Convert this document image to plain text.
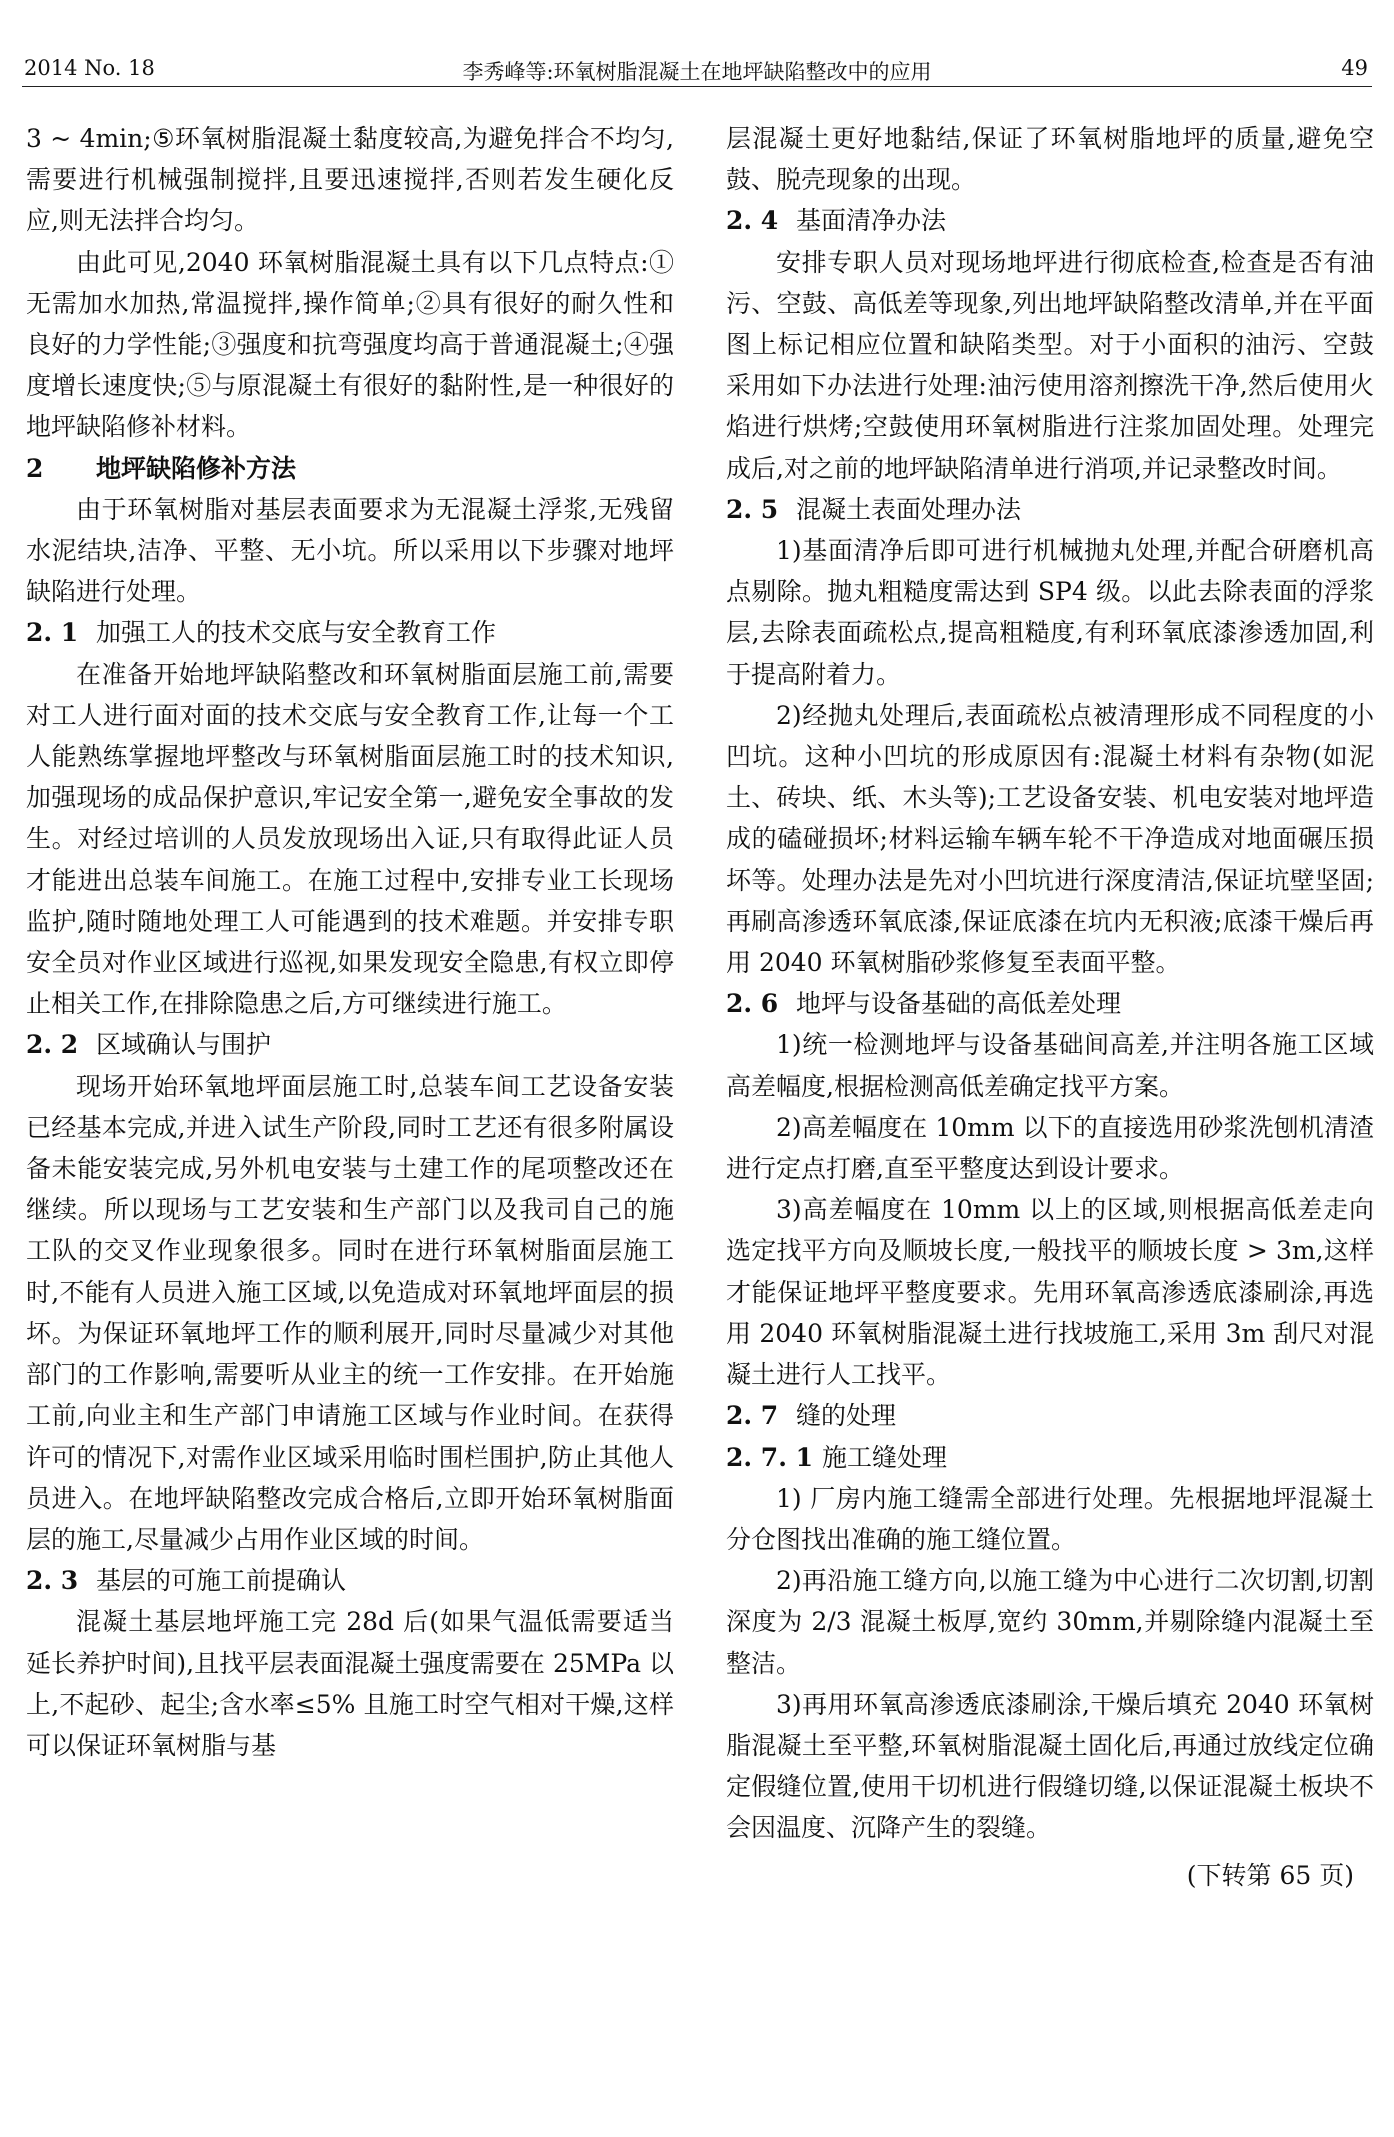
2014 No. 18	李秀峰等:环氧树脂混凝土在地坪缺陷整改中的应用	49

3 ~ 4min;⑤环氧树脂混凝土黏度较高,为避免拌合不均匀,需要进行机械强制搅拌,且要迅速搅拌,否则若发生硬化反应,则无法拌合均匀。

由此可见,2040 环氧树脂混凝土具有以下几点特点:①无需加水加热,常温搅拌,操作简单;②具有很好的耐久性和良好的力学性能;③强度和抗弯强度均高于普通混凝土;④强度增长速度快;⑤与原混凝土有很好的黏附性,是一种很好的地坪缺陷修补材料。

2 地坪缺陷修补方法

由于环氧树脂对基层表面要求为无混凝土浮浆,无残留水泥结块,洁净、平整、无小坑。所以采用以下步骤对地坪缺陷进行处理。

2. 1 加强工人的技术交底与安全教育工作

在准备开始地坪缺陷整改和环氧树脂面层施工前,需要对工人进行面对面的技术交底与安全教育工作,让每一个工人能熟练掌握地坪整改与环氧树脂面层施工时的技术知识,加强现场的成品保护意识,牢记安全第一,避免安全事故的发生。对经过培训的人员发放现场出入证,只有取得此证人员才能进出总装车间施工。在施工过程中,安排专业工长现场监护,随时随地处理工人可能遇到的技术难题。并安排专职安全员对作业区域进行巡视,如果发现安全隐患,有权立即停止相关工作,在排除隐患之后,方可继续进行施工。

2. 2 区域确认与围护

现场开始环氧地坪面层施工时,总装车间工艺设备安装已经基本完成,并进入试生产阶段,同时工艺还有很多附属设备未能安装完成,另外机电安装与土建工作的尾项整改还在继续。所以现场与工艺安装和生产部门以及我司自己的施工队的交叉作业现象很多。同时在进行环氧树脂面层施工时,不能有人员进入施工区域,以免造成对环氧地坪面层的损坏。为保证环氧地坪工作的顺利展开,同时尽量减少对其他部门的工作影响,需要听从业主的统一工作安排。在开始施工前,向业主和生产部门申请施工区域与作业时间。在获得许可的情况下,对需作业区域采用临时围栏围护,防止其他人员进入。在地坪缺陷整改完成合格后,立即开始环氧树脂面层的施工,尽量减少占用作业区域的时间。

2. 3 基层的可施工前提确认

混凝土基层地坪施工完 28d 后(如果气温低需要适当延长养护时间),且找平层表面混凝土强度需要在 25MPa 以上,不起砂、起尘;含水率≤5% 且施工时空气相对干燥,这样可以保证环氧树脂与基

层混凝土更好地黏结,保证了环氧树脂地坪的质量,避免空鼓、脱壳现象的出现。

2. 4 基面清净办法

安排专职人员对现场地坪进行彻底检查,检查是否有油污、空鼓、高低差等现象,列出地坪缺陷整改清单,并在平面图上标记相应位置和缺陷类型。对于小面积的油污、空鼓采用如下办法进行处理:油污使用溶剂擦洗干净,然后使用火焰进行烘烤;空鼓使用环氧树脂进行注浆加固处理。处理完成后,对之前的地坪缺陷清单进行消项,并记录整改时间。

2. 5 混凝土表面处理办法

1)基面清净后即可进行机械抛丸处理,并配合研磨机高点剔除。抛丸粗糙度需达到 SP4 级。以此去除表面的浮浆层,去除表面疏松点,提高粗糙度,有利环氧底漆渗透加固,利于提高附着力。

2)经抛丸处理后,表面疏松点被清理形成不同程度的小凹坑。这种小凹坑的形成原因有:混凝土材料有杂物(如泥土、砖块、纸、木头等);工艺设备安装、机电安装对地坪造成的磕碰损坏;材料运输车辆车轮不干净造成对地面碾压损坏等。处理办法是先对小凹坑进行深度清洁,保证坑壁坚固;再刷高渗透环氧底漆,保证底漆在坑内无积液;底漆干燥后再用 2040 环氧树脂砂浆修复至表面平整。

2. 6 地坪与设备基础的高低差处理

1)统一检测地坪与设备基础间高差,并注明各施工区域高差幅度,根据检测高低差确定找平方案。

2)高差幅度在 10mm 以下的直接选用砂浆洗刨机清渣进行定点打磨,直至平整度达到设计要求。

3)高差幅度在 10mm 以上的区域,则根据高低差走向选定找平方向及顺坡长度,一般找平的顺坡长度 > 3m,这样才能保证地坪平整度要求。先用环氧高渗透底漆刷涂,再选用 2040 环氧树脂混凝土进行找坡施工,采用 3m 刮尺对混凝土进行人工找平。

2. 7 缝的处理
2. 7. 1 施工缝处理

1) 厂房内施工缝需全部进行处理。先根据地坪混凝土分仓图找出准确的施工缝位置。

2)再沿施工缝方向,以施工缝为中心进行二次切割,切割深度为 2/3 混凝土板厚,宽约 30mm,并剔除缝内混凝土至整洁。

3)再用环氧高渗透底漆刷涂,干燥后填充 2040 环氧树脂混凝土至平整,环氧树脂混凝土固化后,再通过放线定位确定假缝位置,使用干切机进行假缝切缝,以保证混凝土板块不会因温度、沉降产生的裂缝。

(下转第 65 页)
